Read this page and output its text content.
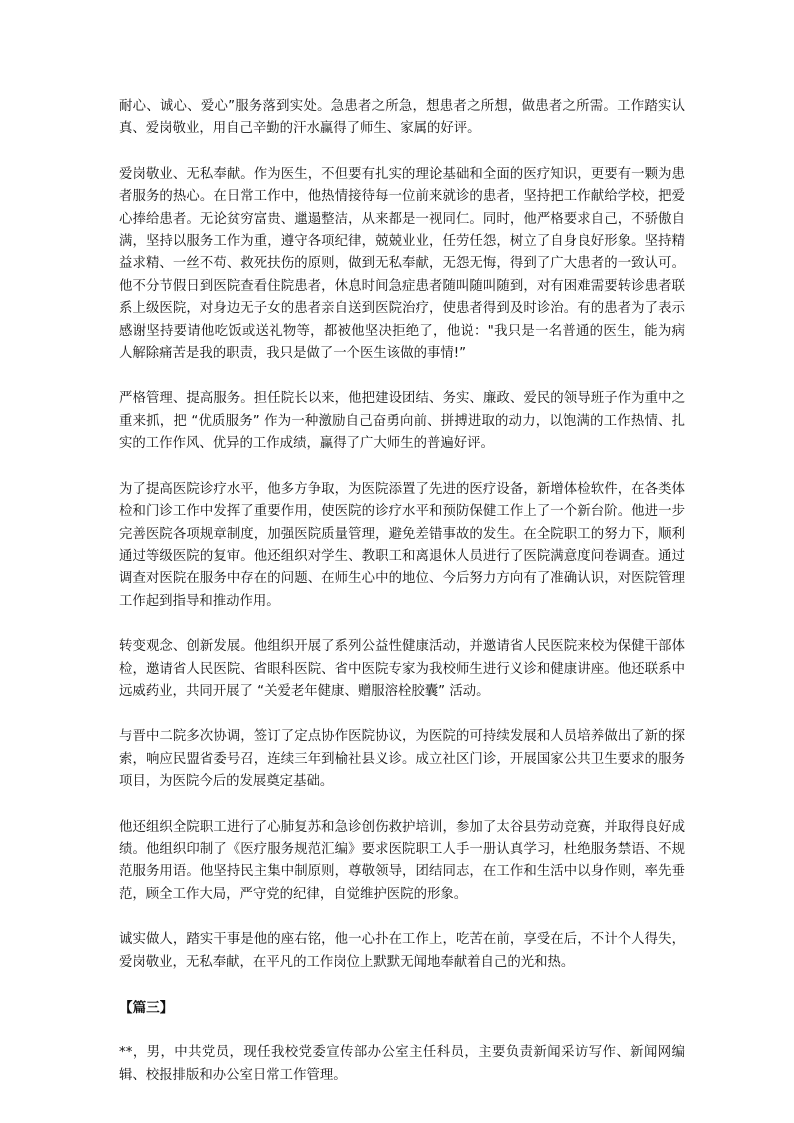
耐心、诚心、爱心”服务落到实处。急患者之所急，想患者之所想，做患者之所需。工作踏实认真、爱岗敬业，用自己辛勤的汗水赢得了师生、家属的好评。

爱岗敬业、无私奉献。作为医生，不但要有扎实的理论基础和全面的医疗知识，更要有一颗为患者服务的热心。在日常工作中，他热情接待每一位前来就诊的患者，坚持把工作献给学校，把爱心捧给患者。无论贫穷富贵、邋遢整洁，从来都是一视同仁。同时，他严格要求自己，不骄傲自满，坚持以服务工作为重，遵守各项纪律，兢兢业业，任劳任怨，树立了自身良好形象。坚持精益求精、一丝不苟、救死扶伤的原则，做到无私奉献，无怨无悔，得到了广大患者的一致认可。他不分节假日到医院查看住院患者，休息时间急症患者随叫随叫随到，对有困难需要转诊患者联系上级医院，对身边无子女的患者亲自送到医院治疗，使患者得到及时诊治。有的患者为了表示感谢坚持要请他吃饭或送礼物等，都被他坚决拒绝了，他说："我只是一名普通的医生，能为病人解除痛苦是我的职责，我只是做了一个医生该做的事情!”

严格管理、提高服务。担任院长以来，他把建设团结、务实、廉政、爱民的领导班子作为重中之重来抓，把 “优质服务” 作为一种激励自己奋勇向前、拼搏进取的动力，以饱满的工作热情、扎实的工作作风、优异的工作成绩，赢得了广大师生的普遍好评。

为了提高医院诊疗水平，他多方争取，为医院添置了先进的医疗设备，新增体检软件，在各类体检和门诊工作中发挥了重要作用，使医院的诊疗水平和预防保健工作上了一个新台阶。他进一步完善医院各项规章制度，加强医院质量管理，避免差错事故的发生。在全院职工的努力下，顺利通过等级医院的复审。他还组织对学生、教职工和离退休人员进行了医院满意度问卷调查。通过调查对医院在服务中存在的问题、在师生心中的地位、今后努力方向有了准确认识，对医院管理工作起到指导和推动作用。

转变观念、创新发展。他组织开展了系列公益性健康活动，并邀请省人民医院来校为保健干部体检，邀请省人民医院、省眼科医院、省中医院专家为我校师生进行义诊和健康讲座。他还联系中远威药业，共同开展了 “关爱老年健康、赠服溶栓胶囊” 活动。

与晋中二院多次协调，签订了定点协作医院协议，为医院的可持续发展和人员培养做出了新的探索，响应民盟省委号召，连续三年到榆社县义诊。成立社区门诊，开展国家公共卫生要求的服务项目，为医院今后的发展奠定基础。

他还组织全院职工进行了心肺复苏和急诊创伤救护培训，参加了太谷县劳动竞赛，并取得良好成绩。他组织印制了《医疗服务规范汇编》要求医院职工人手一册认真学习，杜绝服务禁语、不规范服务用语。他坚持民主集中制原则，尊敬领导，团结同志，在工作和生活中以身作则，率先垂范，顾全工作大局，严守党的纪律，自觉维护医院的形象。

诚实做人，踏实干事是他的座右铭，他一心扑在工作上，吃苦在前，享受在后，不计个人得失，爱岗敬业，无私奉献，在平凡的工作岗位上默默无闻地奉献着自己的光和热。

【篇三】

**，男，中共党员，现任我校党委宣传部办公室主任科员，主要负责新闻采访写作、新闻网编辑、校报排版和办公室日常工作管理。
